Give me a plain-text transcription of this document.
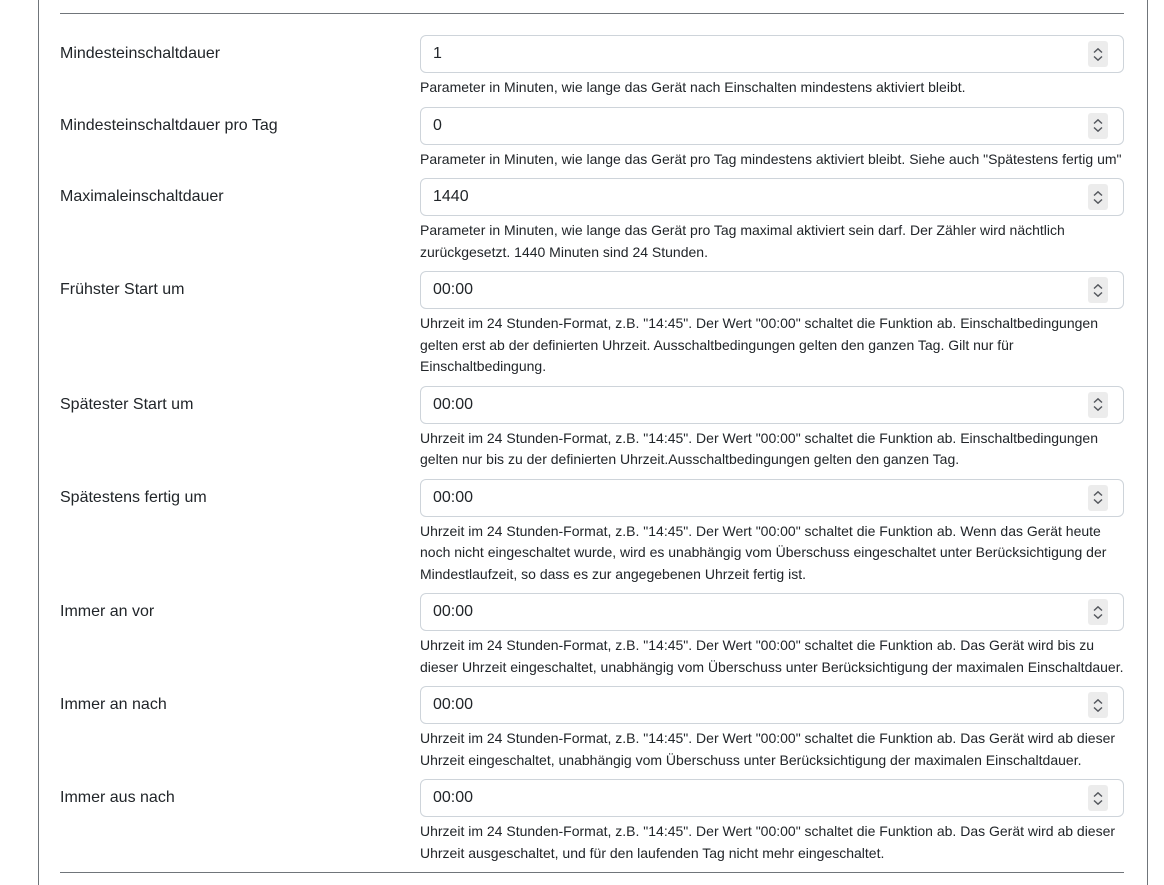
Mindesteinschaltdauer
1
Parameter in Minuten, wie lange das Gerät nach Einschalten mindestens aktiviert bleibt.
Mindesteinschaltdauer pro Tag
0
Parameter in Minuten, wie lange das Gerät pro Tag mindestens aktiviert bleibt. Siehe auch "Spätestens fertig um"
Maximaleinschaltdauer
1440
Parameter in Minuten, wie lange das Gerät pro Tag maximal aktiviert sein darf. Der Zähler wird nächtlich zurückgesetzt. 1440 Minuten sind 24 Stunden.
Frühster Start um
00:00
Uhrzeit im 24 Stunden-Format, z.B. "14:45". Der Wert "00:00" schaltet die Funktion ab. Einschaltbedingungen gelten erst ab der definierten Uhrzeit. Ausschaltbedingungen gelten den ganzen Tag. Gilt nur für Einschaltbedingung.
Spätester Start um
00:00
Uhrzeit im 24 Stunden-Format, z.B. "14:45". Der Wert "00:00" schaltet die Funktion ab. Einschaltbedingungen gelten nur bis zu der definierten Uhrzeit.Ausschaltbedingungen gelten den ganzen Tag.
Spätestens fertig um
00:00
Uhrzeit im 24 Stunden-Format, z.B. "14:45". Der Wert "00:00" schaltet die Funktion ab. Wenn das Gerät heute noch nicht eingeschaltet wurde, wird es unabhängig vom Überschuss eingeschaltet unter Berücksichtigung der Mindestlaufzeit, so dass es zur angegebenen Uhrzeit fertig ist.
Immer an vor
00:00
Uhrzeit im 24 Stunden-Format, z.B. "14:45". Der Wert "00:00" schaltet die Funktion ab. Das Gerät wird bis zu dieser Uhrzeit eingeschaltet, unabhängig vom Überschuss unter Berücksichtigung der maximalen Einschaltdauer.
Immer an nach
00:00
Uhrzeit im 24 Stunden-Format, z.B. "14:45". Der Wert "00:00" schaltet die Funktion ab. Das Gerät wird ab dieser Uhrzeit eingeschaltet, unabhängig vom Überschuss unter Berücksichtigung der maximalen Einschaltdauer.
Immer aus nach
00:00
Uhrzeit im 24 Stunden-Format, z.B. "14:45". Der Wert "00:00" schaltet die Funktion ab. Das Gerät wird ab dieser Uhrzeit ausgeschaltet, und für den laufenden Tag nicht mehr eingeschaltet.
